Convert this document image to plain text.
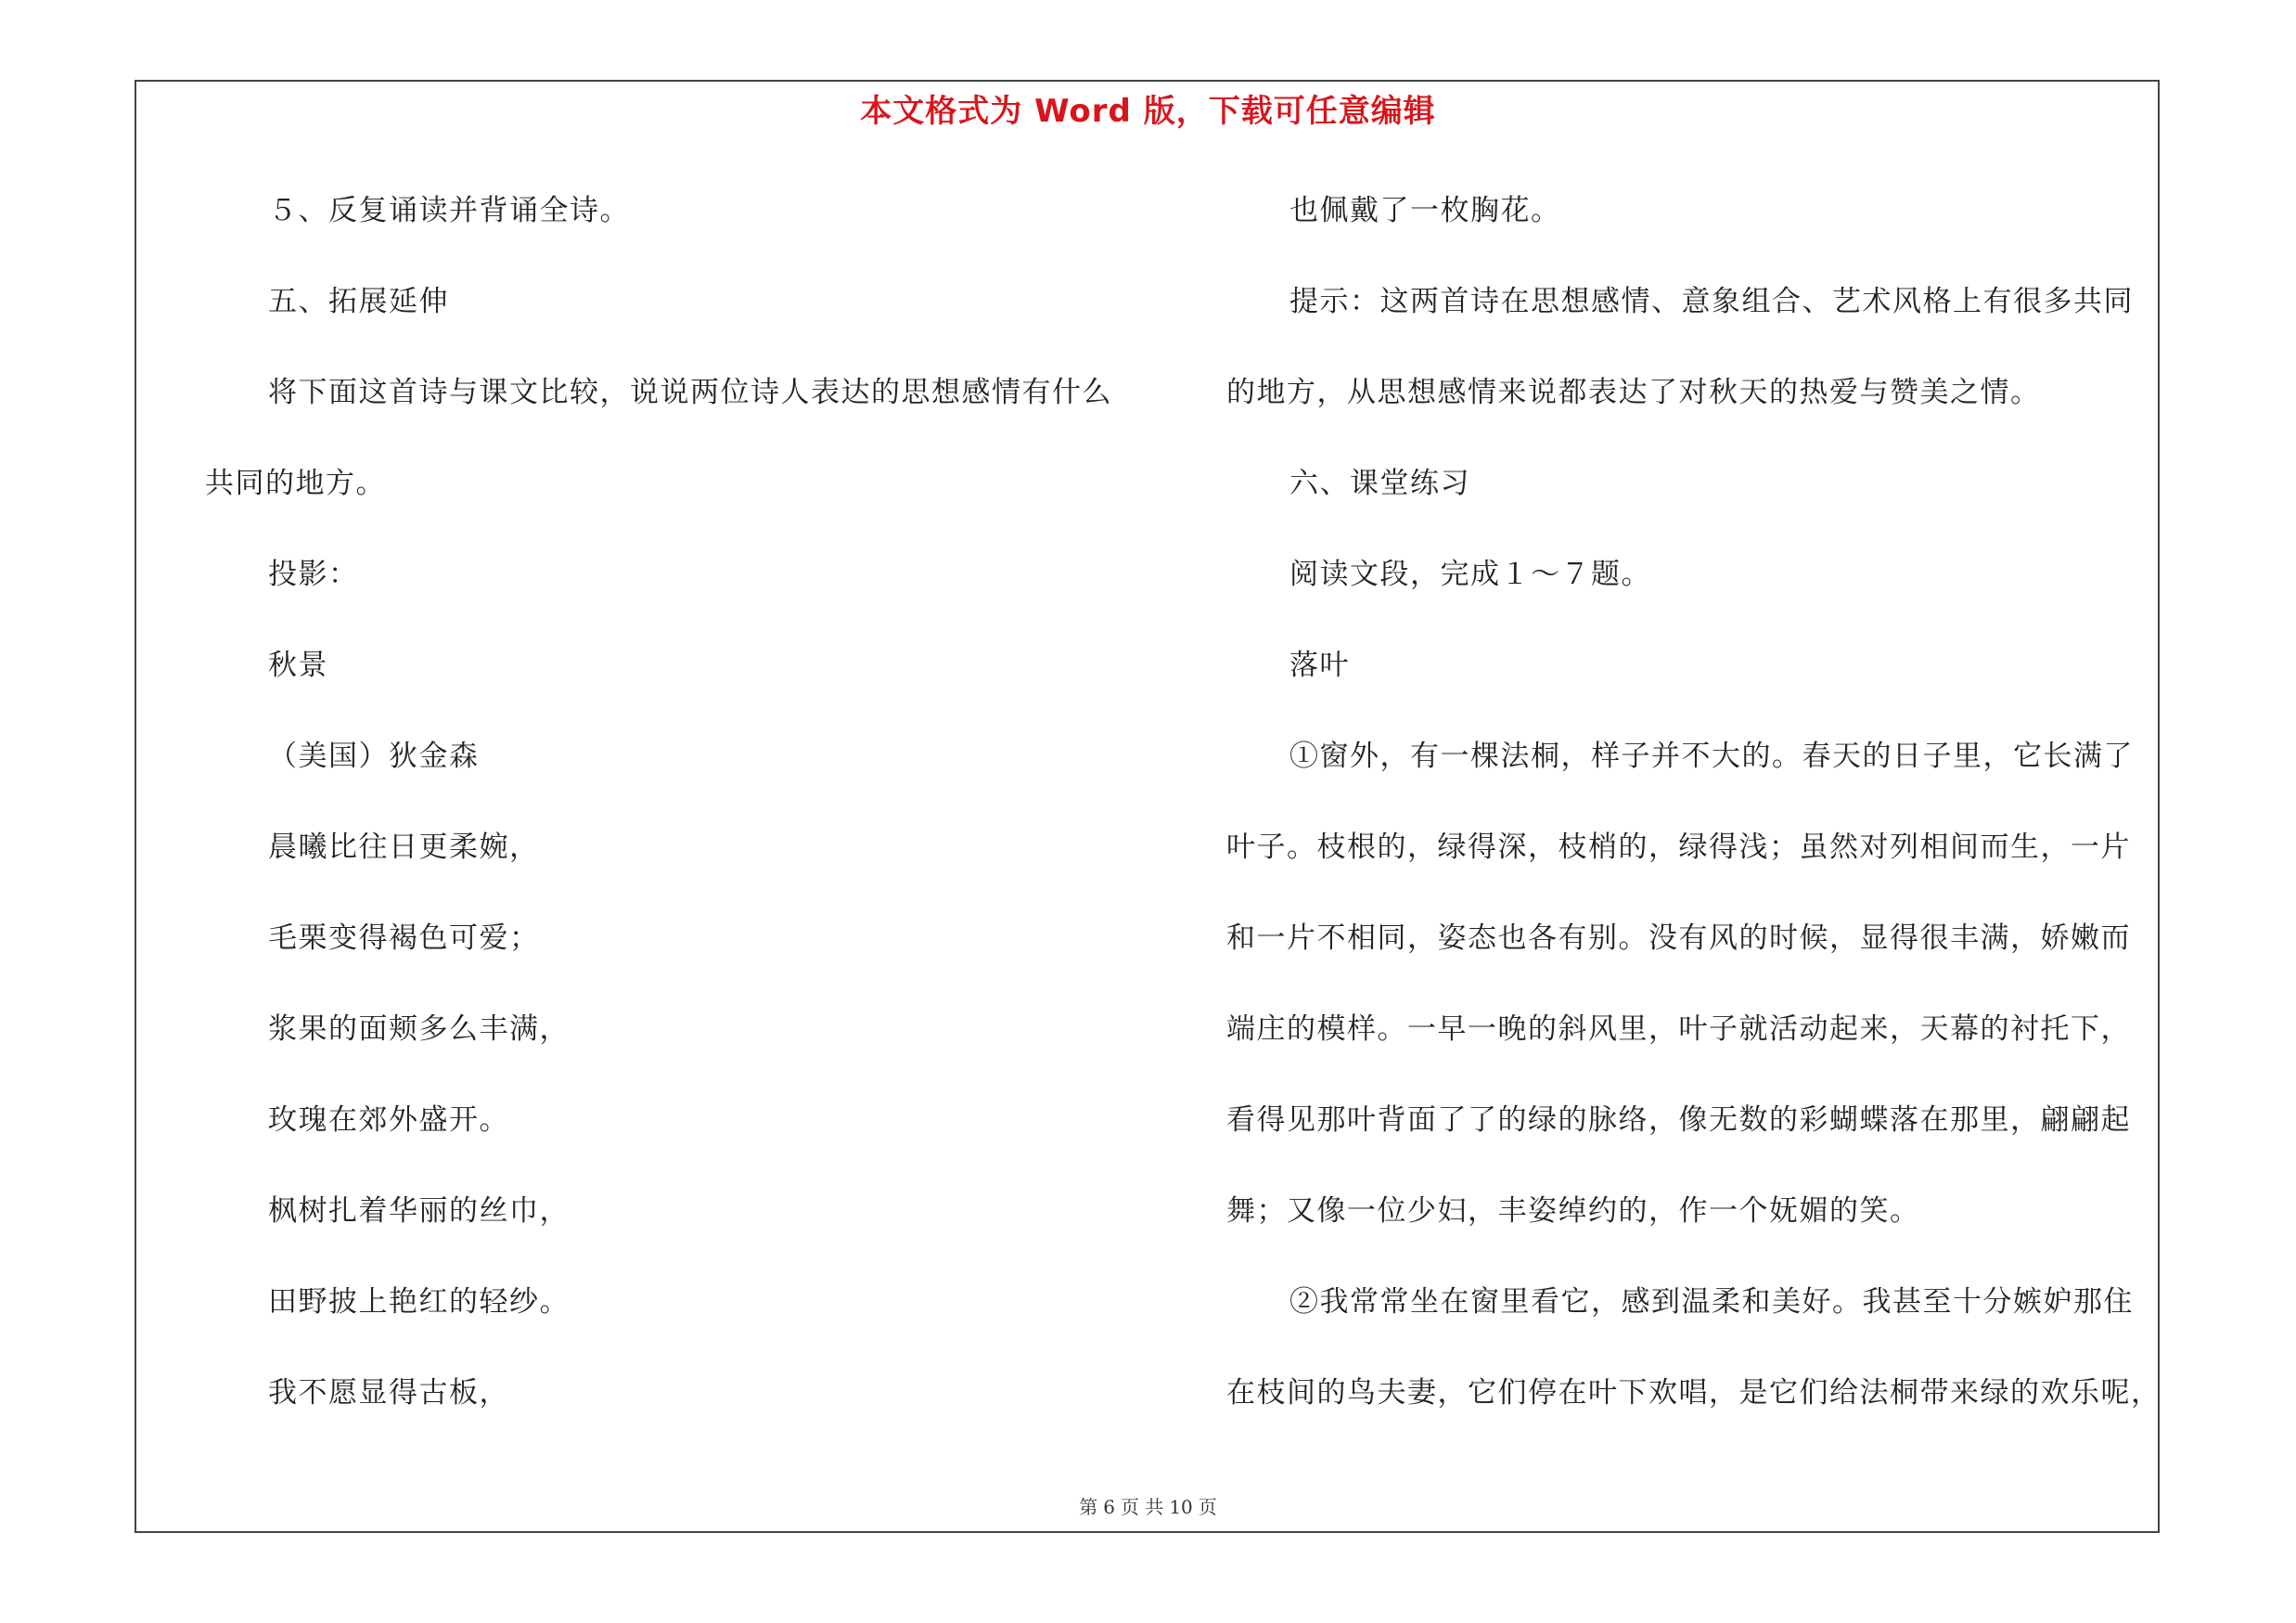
本文格式为 Word 版，下载可任意编辑
５、反复诵读并背诵全诗。
五、拓展延伸
将下面这首诗与课文比较，说说两位诗人表达的思想感情有什么
共同的地方。
投影：
秋景
（美国）狄金森
晨曦比往日更柔婉，
毛栗变得褐色可爱；
浆果的面颊多么丰满，
玫瑰在郊外盛开。
枫树扎着华丽的丝巾，
田野披上艳红的轻纱。
我不愿显得古板，
也佩戴了一枚胸花。
提示：这两首诗在思想感情、意象组合、艺术风格上有很多共同
的地方，从思想感情来说都表达了对秋天的热爱与赞美之情。
六、课堂练习
阅读文段，完成１～７题。
落叶
①窗外，有一棵法桐，样子并不大的。春天的日子里，它长满了
叶子。枝根的，绿得深，枝梢的，绿得浅；虽然对列相间而生，一片
和一片不相同，姿态也各有别。没有风的时候，显得很丰满，娇嫩而
端庄的模样。一早一晚的斜风里，叶子就活动起来，天幕的衬托下，
看得见那叶背面了了的绿的脉络，像无数的彩蝴蝶落在那里，翩翩起
舞；又像一位少妇，丰姿绰约的，作一个妩媚的笑。
②我常常坐在窗里看它，感到温柔和美好。我甚至十分嫉妒那住
在枝间的鸟夫妻，它们停在叶下欢唱，是它们给法桐带来绿的欢乐呢，
第 6 页 共 10 页
